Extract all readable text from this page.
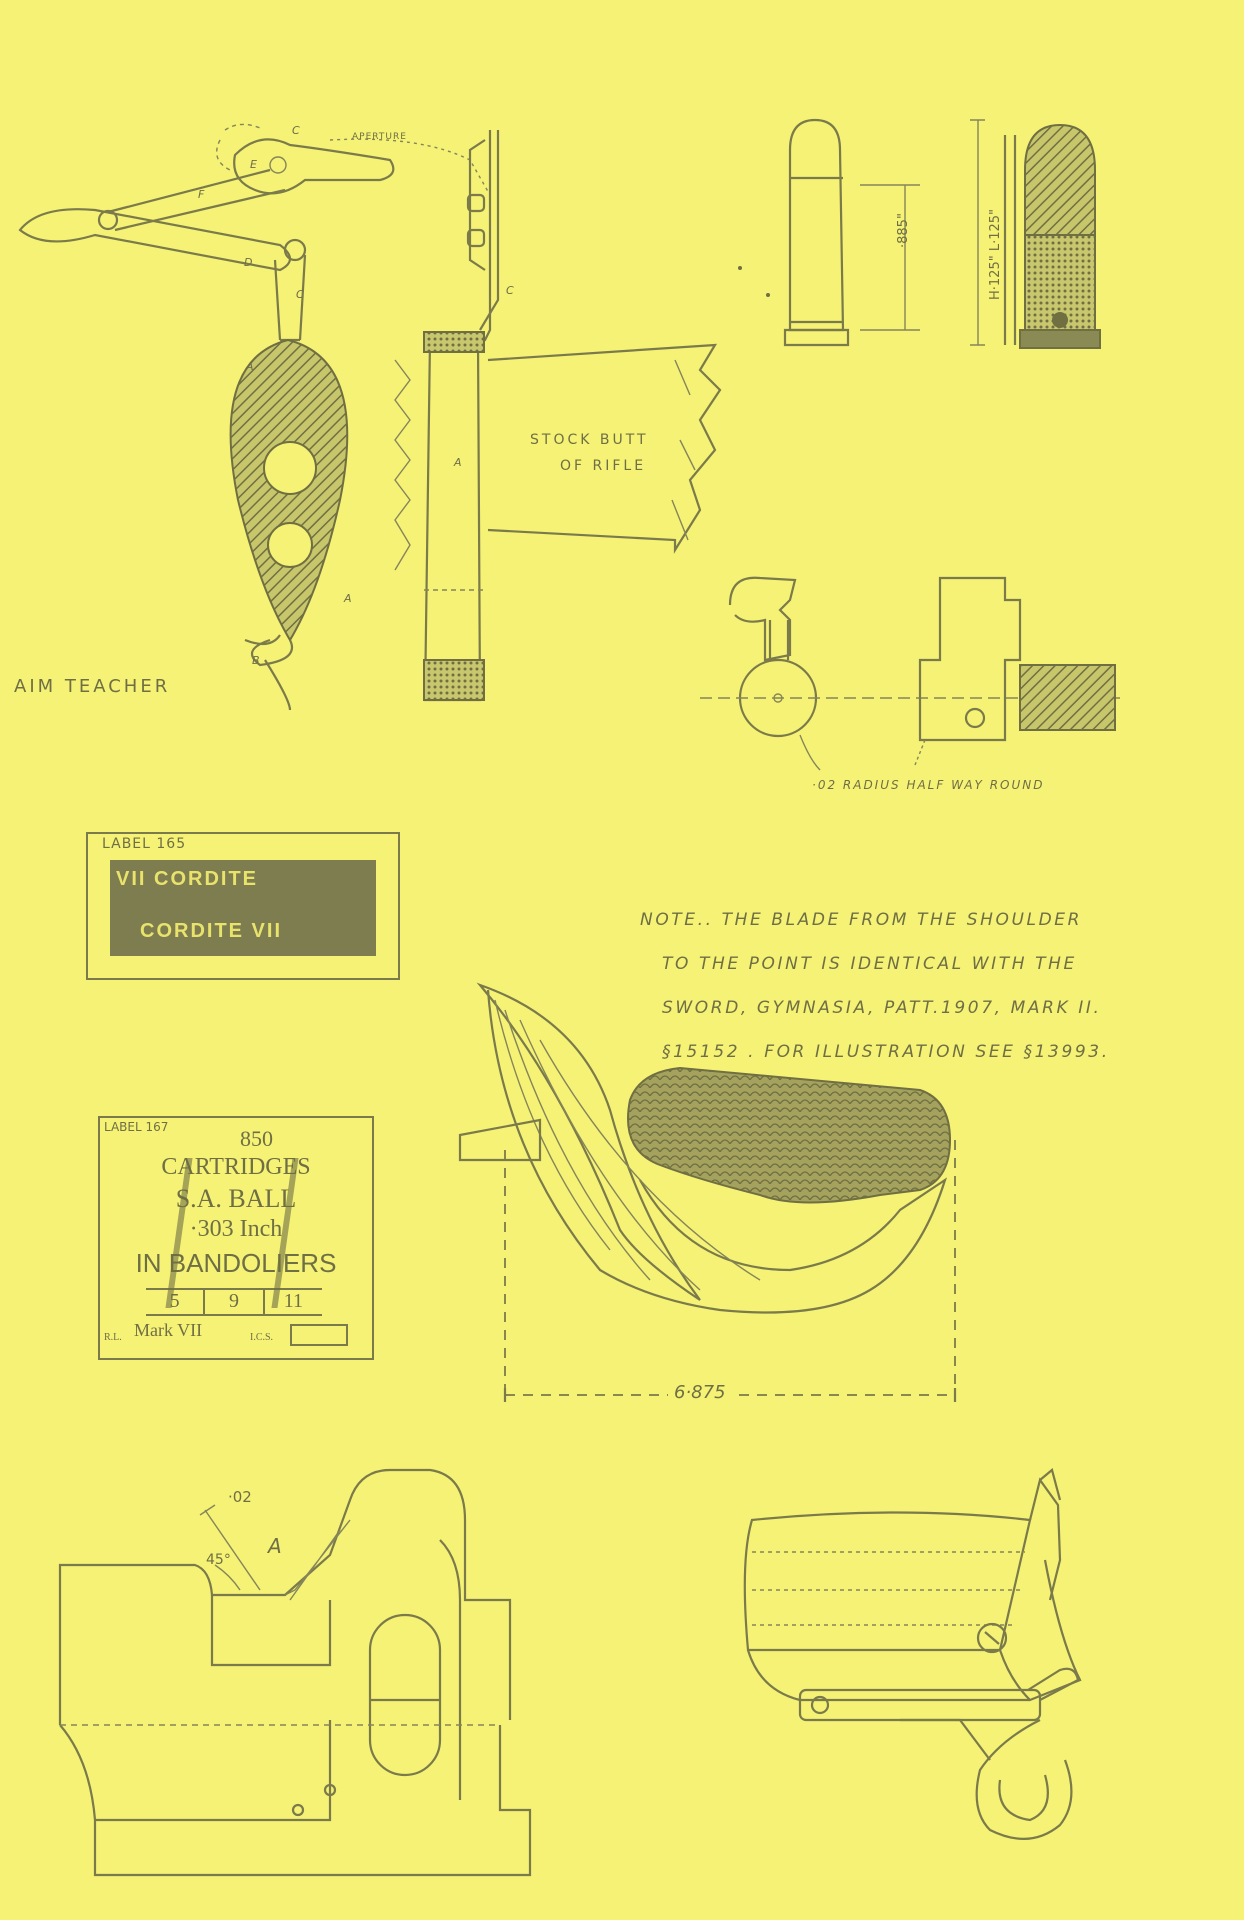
AIM TEACHER
APERTURE
STOCK BUTT
OF RIFLE
C
E
F
D
C
A
A
B
A
C
·885"	H·125" L·125"
·02 RADIUS HALF WAY ROUND
LABEL 165
VII CORDITE
CORDITE VII	NOTE.. THE BLADE FROM THE SHOULDER
TO THE POINT IS IDENTICAL WITH THE
SWORD, GYMNASIA, PATT.1907, MARK II.
§15152 . FOR ILLUSTRATION SEE §13993.
LABEL 167	850
CARTRIDGES
S.A. BALL
·303 Inch
IN BANDOLIERS
5	9	11
R.L. Mark VII	I.C.S.
6·875
·02
45°
A
